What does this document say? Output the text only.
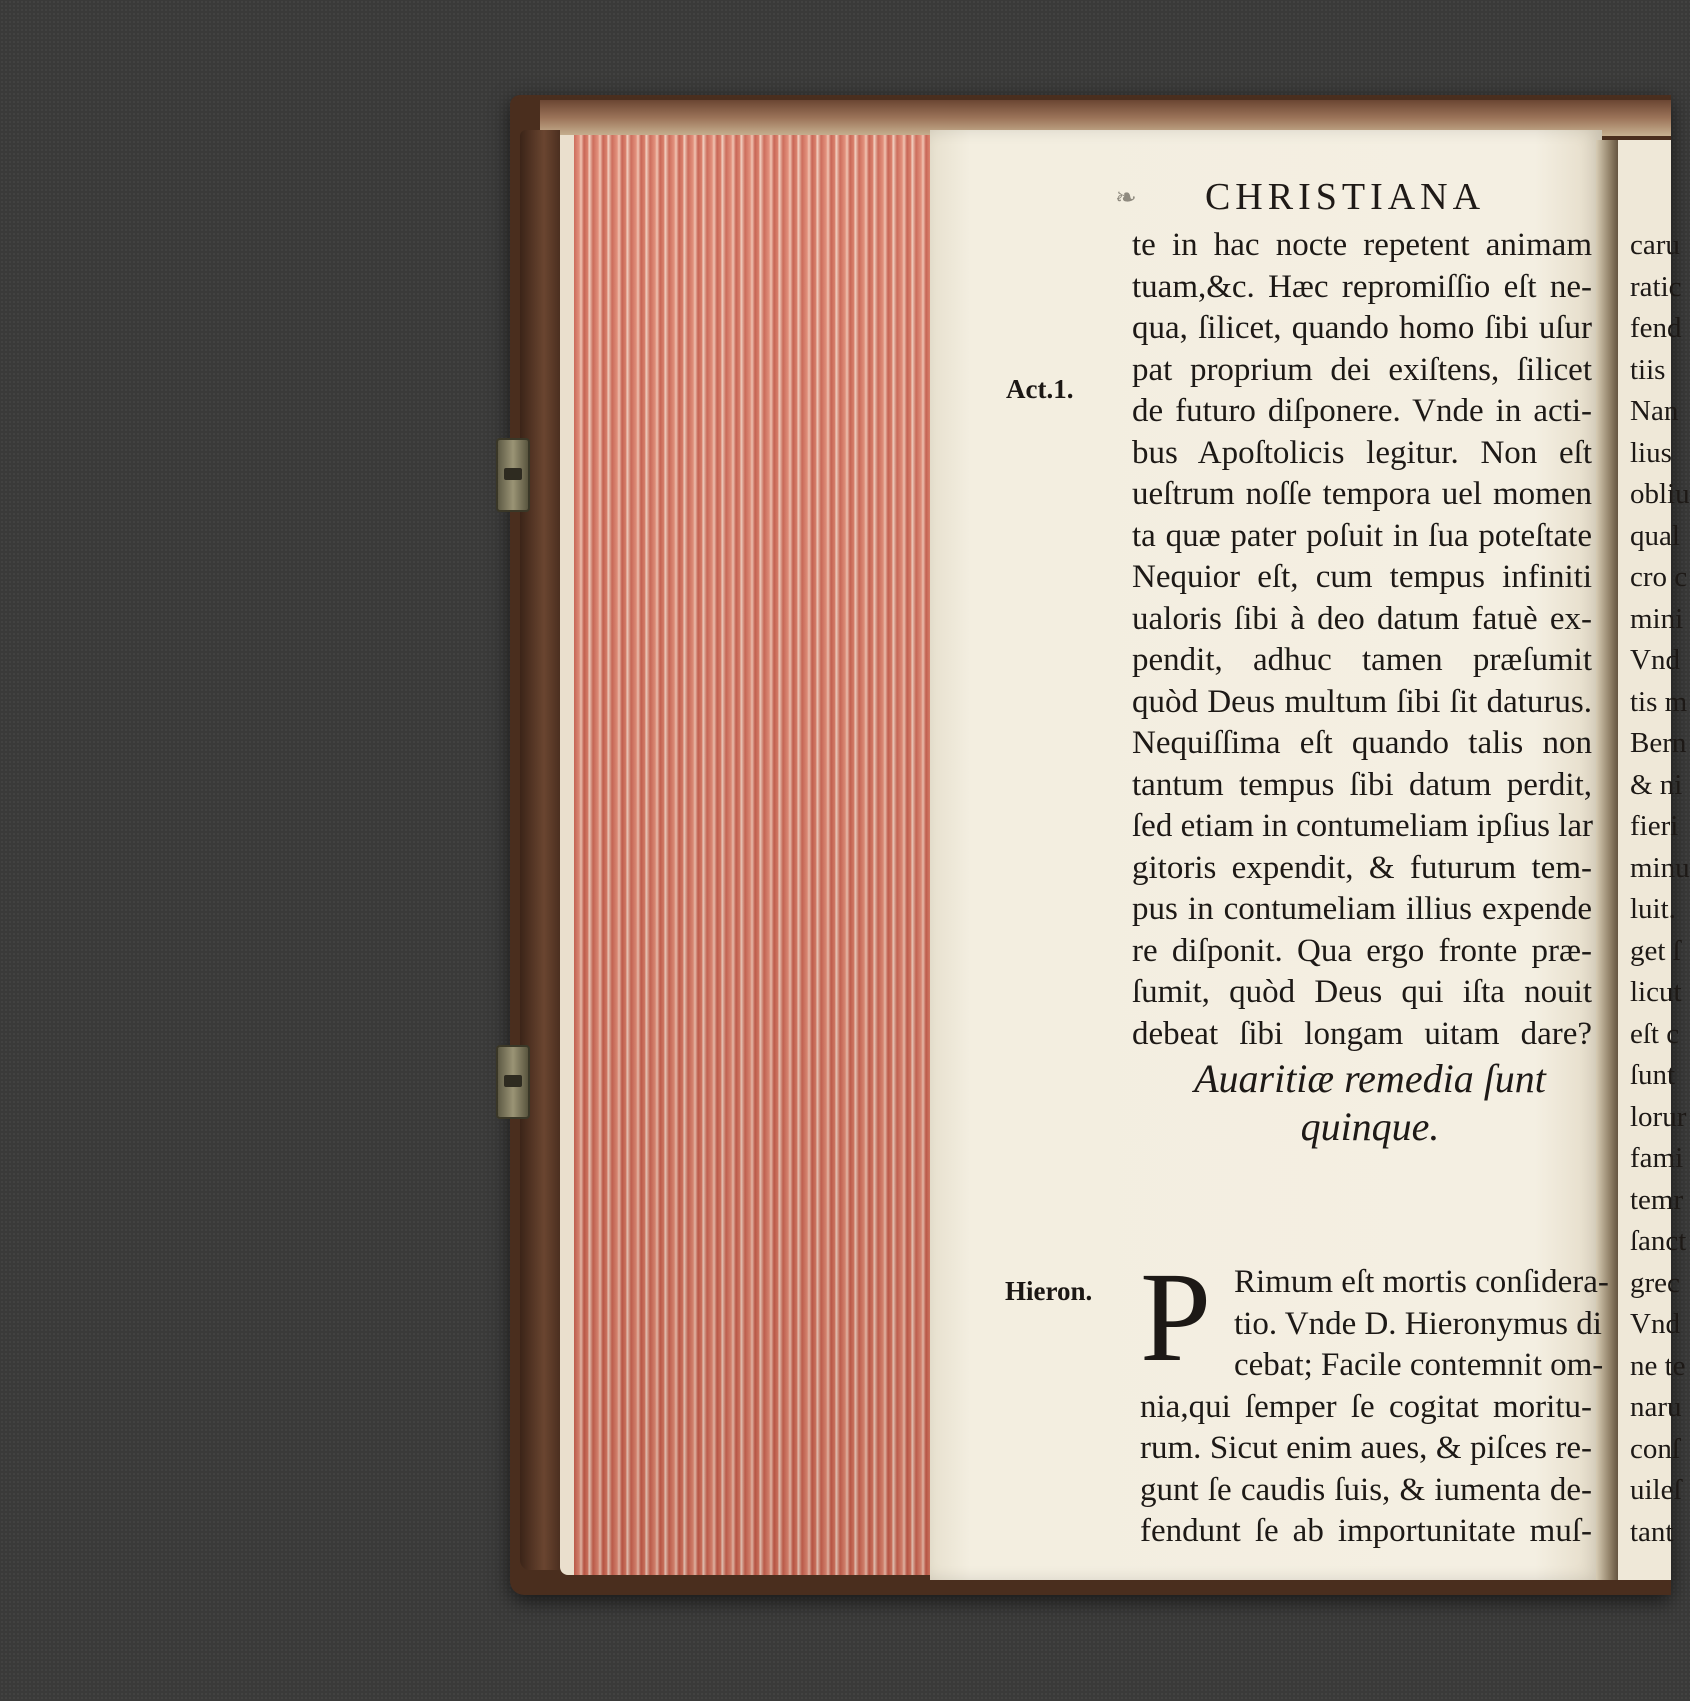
❧ CHRISTIANA
Act.1.
Hieron.
te in hac nocte repetent animam
tuam,&c. Hæc repromiſſio eſt ne-
qua, ſilicet, quando homo ſibi uſur
pat proprium dei exiſtens, ſilicet
de futuro diſponere. Vnde in acti-
bus Apoſtolicis legitur. Non eſt
ueſtrum noſſe tempora uel momen
ta quæ pater poſuit in ſua poteſtate
Nequior eſt, cum tempus infiniti
ualoris ſibi à deo datum fatuè ex-
pendit, adhuc tamen præſumit
quòd Deus multum ſibi ſit daturus.
Nequiſſima eſt quando talis non
tantum tempus ſibi datum perdit,
ſed etiam in contumeliam ipſius lar
gitoris expendit, & futurum tem-
pus in contumeliam illius expende
re diſponit. Qua ergo fronte præ-
ſumit, quòd Deus qui iſta nouit
debeat ſibi longam uitam dare?
Auaritiæ remedia ſunt
quinque.
P Rimum eſt mortis conſidera-
tio. Vnde D. Hieronymus di
cebat; Facile contemnit om-
nia,qui ſemper ſe cogitat moritu-
rum. Sicut enim aues, & piſces re-
gunt ſe caudis ſuis, & iumenta de-
fendunt ſe ab importunitate muſ-
caru
ratic
fend
tiis
Nan
lius
obliu
qual
cro c
mini
Vnd
tis m
Bern
& ni
fieri
minu
luit.
get ſ
licut
eſt c
ſunt
lorur
fami
temr
ſanct
grec
Vnd
ne te
naru
conſ
uileſ
tant
